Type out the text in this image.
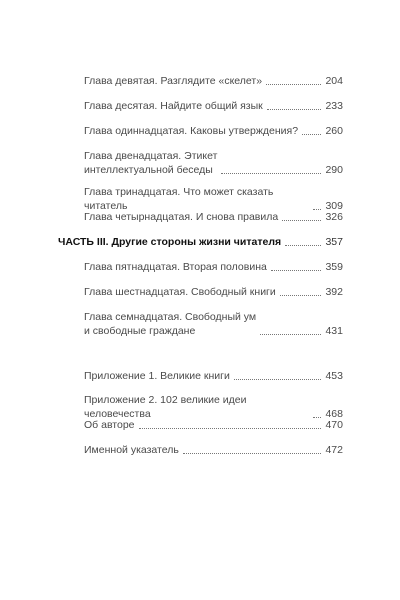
Глава девятая. Разглядите «скелет»	204
Глава десятая. Найдите общий язык	233
Глава одиннадцатая. Каковы утверждения?	260
Глава двенадцатая. Этикет
интеллектуальной беседы	290
Глава тринадцатая. Что может сказать читатель	309
Глава четырнадцатая. И снова правила	326
ЧАСТЬ III. Другие стороны жизни читателя	357
Глава пятнадцатая. Вторая половина	359
Глава шестнадцатая. Свободный книги	392
Глава семнадцатая. Свободный ум
и свободные граждане	431
Приложение 1. Великие книги	453
Приложение 2. 102 великие идеи человечества	468
Об авторе	470
Именной указатель	472
